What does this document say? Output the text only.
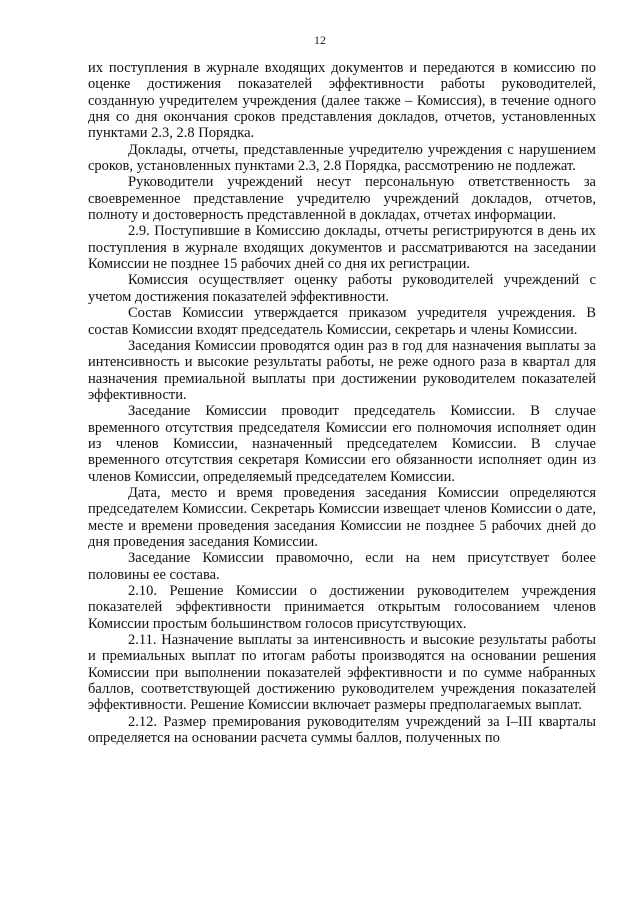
12

их поступления в журнале входящих документов и передаются в комиссию по оценке достижения показателей эффективности работы руководителей, созданную учредителем учреждения (далее также – Комиссия), в течение одного дня со дня окончания сроков представления докладов, отчетов, установленных пунктами 2.3, 2.8 Порядка.

Доклады, отчеты, представленные учредителю учреждения с нарушением сроков, установленных пунктами 2.3, 2.8 Порядка, рассмотрению не подлежат.

Руководители учреждений несут персональную ответственность за своевременное представление учредителю учреждений докладов, отчетов, полноту и достоверность представленной в докладах, отчетах информации.

2.9. Поступившие в Комиссию доклады, отчеты регистрируются в день их поступления в журнале входящих документов и рассматриваются на заседании Комиссии не позднее 15 рабочих дней со дня их регистрации.

Комиссия осуществляет оценку работы руководителей учреждений с учетом достижения показателей эффективности.

Состав Комиссии утверждается приказом учредителя учреждения. В состав Комиссии входят председатель Комиссии, секретарь и члены Комиссии.

Заседания Комиссии проводятся один раз в год для назначения выплаты за интенсивность и высокие результаты работы, не реже одного раза в квартал для назначения премиальной выплаты при достижении руководителем показателей эффективности.

Заседание Комиссии проводит председатель Комиссии. В случае временного отсутствия председателя Комиссии его полномочия исполняет один из членов Комиссии, назначенный председателем Комиссии. В случае временного отсутствия секретаря Комиссии его обязанности исполняет один из членов Комиссии, определяемый председателем Комиссии.

Дата, место и время проведения заседания Комиссии определяются председателем Комиссии. Секретарь Комиссии извещает членов Комиссии о дате, месте и времени проведения заседания Комиссии не позднее 5 рабочих дней до дня проведения заседания Комиссии.

Заседание Комиссии правомочно, если на нем присутствует более половины ее состава.

2.10. Решение Комиссии о достижении руководителем учреждения показателей эффективности принимается открытым голосованием членов Комиссии простым большинством голосов присутствующих.

2.11. Назначение выплаты за интенсивность и высокие результаты работы и премиальных выплат по итогам работы производятся на основании решения Комиссии при выполнении показателей эффективности и по сумме набранных баллов, соответствующей достижению руководителем учреждения показателей эффективности. Решение Комиссии включает размеры предполагаемых выплат.

2.12. Размер премирования руководителям учреждений за I–III кварталы определяется на основании расчета суммы баллов, полученных по
